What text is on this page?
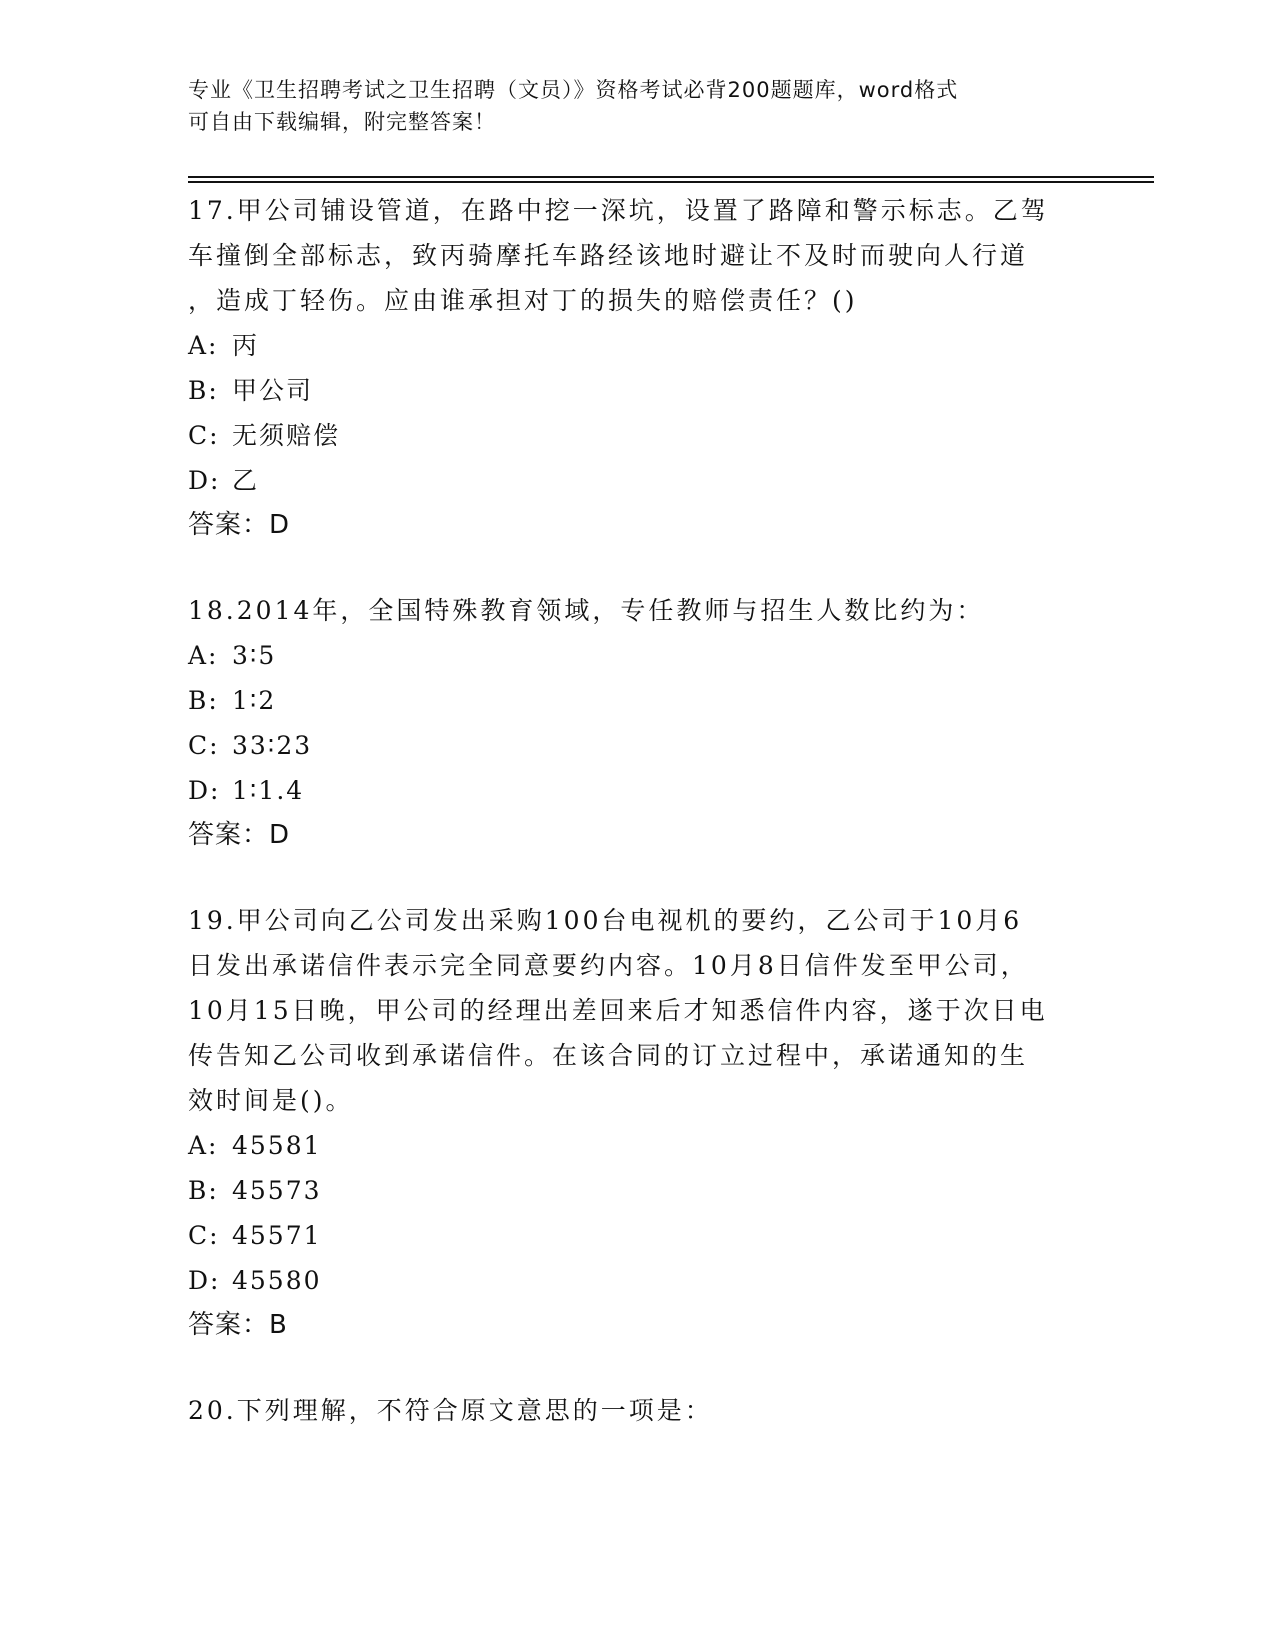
专业《卫生招聘考试之卫生招聘（文员）》资格考试必背200题题库，word格式
可自由下载编辑，附完整答案！
17.甲公司铺设管道，在路中挖一深坑，设置了路障和警示标志。乙驾
车撞倒全部标志，致丙骑摩托车路经该地时避让不及时而驶向人行道
，造成丁轻伤。应由谁承担对丁的损失的赔偿责任？()
A: 丙
B: 甲公司
C: 无须赔偿
D: 乙
答案：D
18.2014年，全国特殊教育领域，专任教师与招生人数比约为：
A: 3∶5
B: 1∶2
C: 33∶23
D: 1∶1.4
答案：D
19.甲公司向乙公司发出采购100台电视机的要约，乙公司于10月6
日发出承诺信件表示完全同意要约内容。10月8日信件发至甲公司，
10月15日晚，甲公司的经理出差回来后才知悉信件内容，遂于次日电
传告知乙公司收到承诺信件。在该合同的订立过程中，承诺通知的生
效时间是()。
A: 45581
B: 45573
C: 45571
D: 45580
答案：B
20.下列理解，不符合原文意思的一项是：
